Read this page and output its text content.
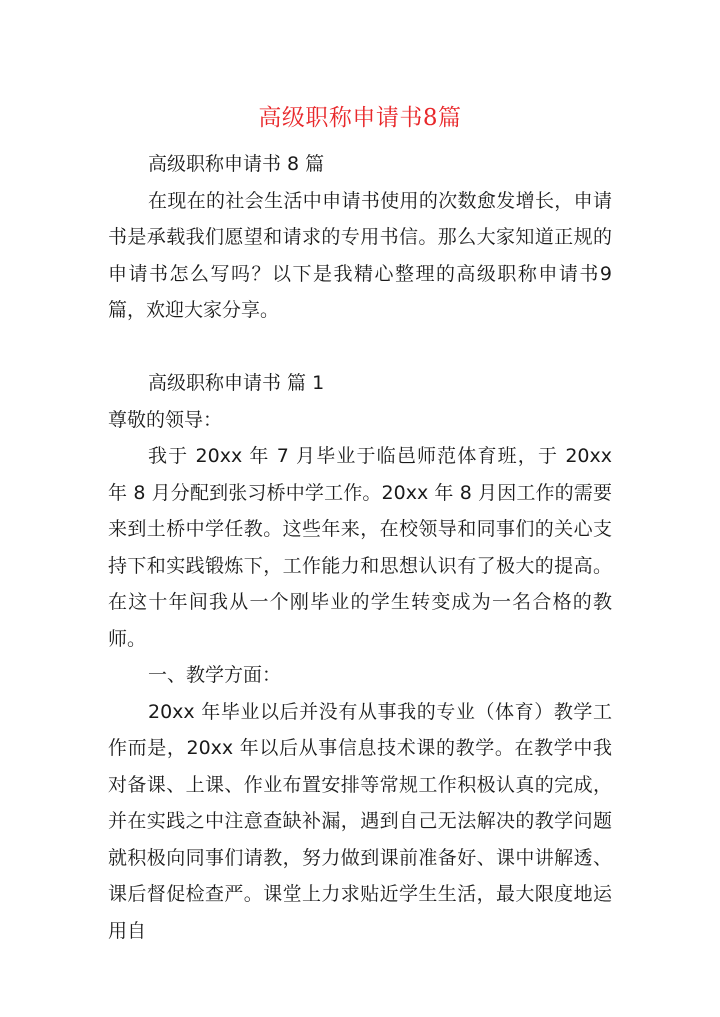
高级职称申请书8篇

高级职称申请书 8 篇

在现在的社会生活中申请书使用的次数愈发增长，申请书是承载我们愿望和请求的专用书信。那么大家知道正规的申请书怎么写吗？以下是我精心整理的高级职称申请书9篇，欢迎大家分享。

高级职称申请书 篇 1

尊敬的领导：

我于 20xx 年 7 月毕业于临邑师范体育班，于 20xx 年 8 月分配到张习桥中学工作。20xx 年 8 月因工作的需要来到土桥中学任教。这些年来，在校领导和同事们的关心支持下和实践锻炼下，工作能力和思想认识有了极大的提高。在这十年间我从一个刚毕业的学生转变成为一名合格的教师。

一、教学方面：

20xx 年毕业以后并没有从事我的专业（体育）教学工作而是，20xx 年以后从事信息技术课的教学。在教学中我对备课、上课、作业布置安排等常规工作积极认真的完成，并在实践之中注意查缺补漏，遇到自己无法解决的教学问题就积极向同事们请教，努力做到课前准备好、课中讲解透、课后督促检查严。课堂上力求贴近学生生活，最大限度地运用自
